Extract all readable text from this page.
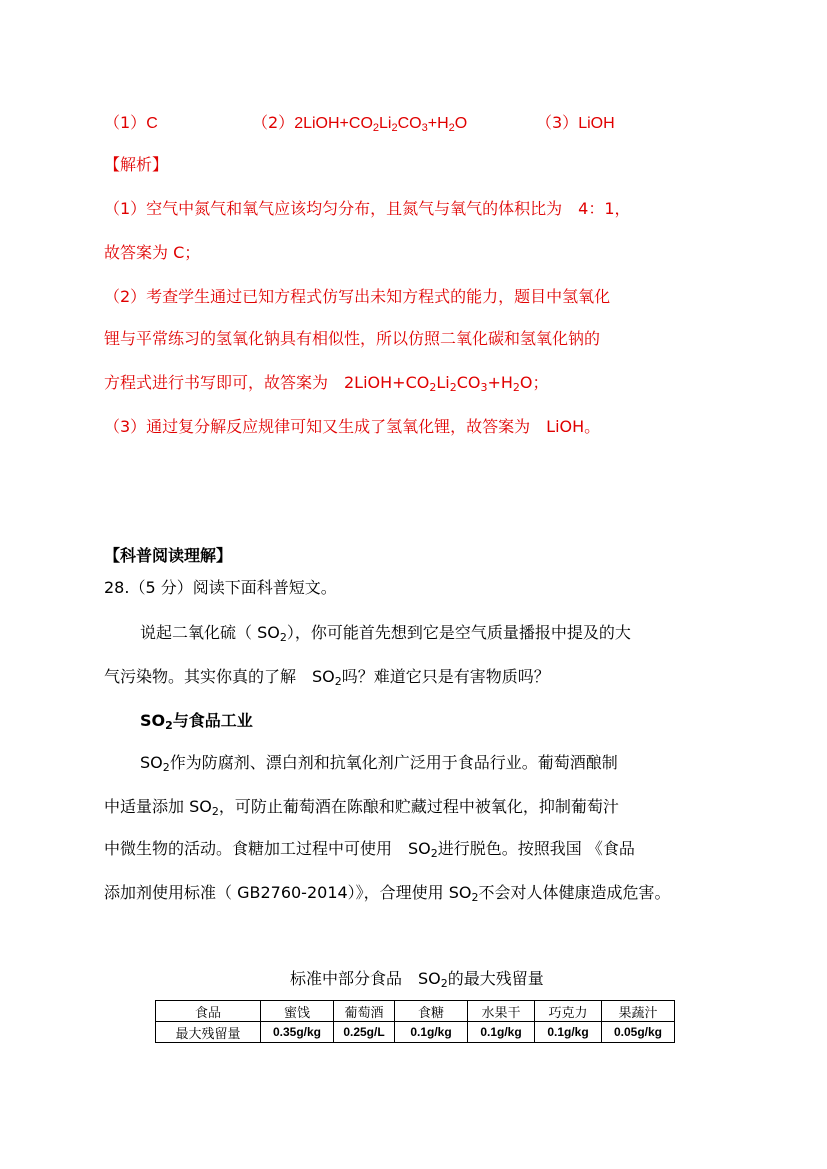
（1）C	$(2)2LiOH+CO_2Li_2CO_3+H_2O$	（3）LiOH
【解析】
（1）空气中氮气和氧气应该均匀分布，且氮气与氧气的体积比为　4：1，
故答案为 C；
（2）考查学生通过已知方程式仿写出未知方程式的能力，题目中氢氧化
锂与平常练习的氢氧化钠具有相似性，所以仿照二氧化碳和氢氧化钠的
方程式进行书写即可，故答案为　$2LiOH+CO_2Li_2CO_3+H_2O$；
（3）通过复分解反应规律可知又生成了氢氧化锂，故答案为　LiOH。
【科普阅读理解】
28.（5 分）阅读下面科普短文。
说起二氧化硫（ $SO_2$），你可能首先想到它是空气质量播报中提及的大
气污染物。其实你真的了解　$SO_2$吗？难道它只是有害物质吗？
$SO_2$与食品工业
$SO_2$作为防腐剂、漂白剂和抗氧化剂广泛用于食品行业。葡萄酒酿制
中适量添加 $SO_2$，可防止葡萄酒在陈酿和贮藏过程中被氧化，抑制葡萄汁
中微生物的活动。食糖加工过程中可使用　$SO_2$进行脱色。按照我国 《食品
添加剂使用标准（ GB2760-2014）》，合理使用 $SO_2$不会对人体健康造成危害。
标准中部分食品　$SO_2$的最大残留量
食品	蜜饯	葡萄酒	食糖	水果干	巧克力	果蔬汁
最大残留量	0.35g/kg	0.25g/L	0.1g/kg	0.1g/kg	0.1g/kg	0.05g/kg
